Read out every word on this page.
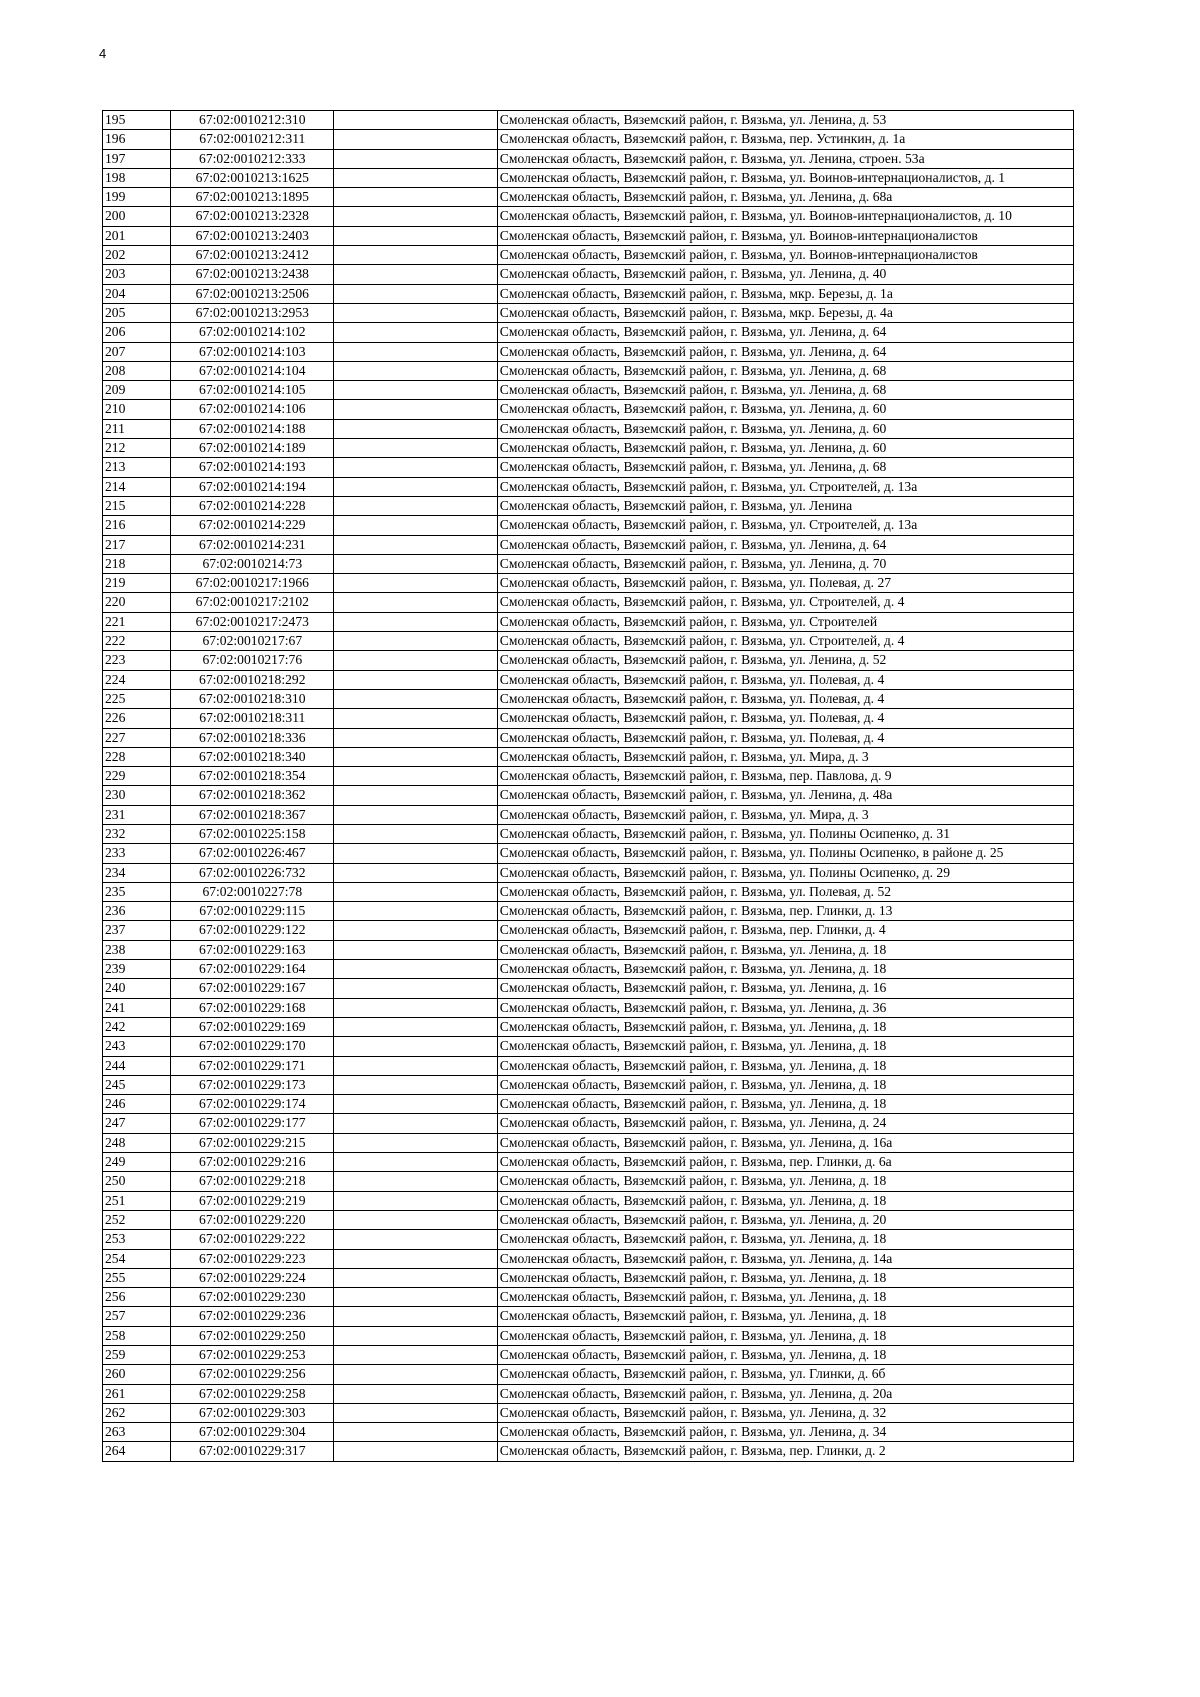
4
195	67:02:0010212:310		Смоленская область, Вяземский район, г. Вязьма, ул. Ленина, д. 53
196	67:02:0010212:311		Смоленская область, Вяземский район, г. Вязьма, пер. Устинкин, д. 1а
197	67:02:0010212:333		Смоленская область, Вяземский район, г. Вязьма, ул. Ленина, строен. 53а
198	67:02:0010213:1625		Смоленская область, Вяземский район, г. Вязьма, ул. Воинов-интернационалистов, д. 1
199	67:02:0010213:1895		Смоленская область, Вяземский район, г. Вязьма, ул. Ленина, д. 68а
200	67:02:0010213:2328		Смоленская область, Вяземский район, г. Вязьма, ул. Воинов-интернационалистов, д. 10
201	67:02:0010213:2403		Смоленская область, Вяземский район, г. Вязьма, ул. Воинов-интернационалистов
202	67:02:0010213:2412		Смоленская область, Вяземский район, г. Вязьма, ул. Воинов-интернационалистов
203	67:02:0010213:2438		Смоленская область, Вяземский район, г. Вязьма, ул. Ленина, д. 40
204	67:02:0010213:2506		Смоленская область, Вяземский район, г. Вязьма, мкр. Березы, д. 1а
205	67:02:0010213:2953		Смоленская область, Вяземский район, г. Вязьма, мкр. Березы, д. 4а
206	67:02:0010214:102		Смоленская область, Вяземский район, г. Вязьма, ул. Ленина, д. 64
207	67:02:0010214:103		Смоленская область, Вяземский район, г. Вязьма, ул. Ленина, д. 64
208	67:02:0010214:104		Смоленская область, Вяземский район, г. Вязьма, ул. Ленина, д. 68
209	67:02:0010214:105		Смоленская область, Вяземский район, г. Вязьма, ул. Ленина, д. 68
210	67:02:0010214:106		Смоленская область, Вяземский район, г. Вязьма, ул. Ленина, д. 60
211	67:02:0010214:188		Смоленская область, Вяземский район, г. Вязьма, ул. Ленина, д. 60
212	67:02:0010214:189		Смоленская область, Вяземский район, г. Вязьма, ул. Ленина, д. 60
213	67:02:0010214:193		Смоленская область, Вяземский район, г. Вязьма, ул. Ленина, д. 68
214	67:02:0010214:194		Смоленская область, Вяземский район, г. Вязьма, ул. Строителей, д. 13а
215	67:02:0010214:228		Смоленская область, Вяземский район, г. Вязьма, ул. Ленина
216	67:02:0010214:229		Смоленская область, Вяземский район, г. Вязьма, ул. Строителей, д. 13а
217	67:02:0010214:231		Смоленская область, Вяземский район, г. Вязьма, ул. Ленина, д. 64
218	67:02:0010214:73		Смоленская область, Вяземский район, г. Вязьма, ул. Ленина, д. 70
219	67:02:0010217:1966		Смоленская область, Вяземский район, г. Вязьма, ул. Полевая, д. 27
220	67:02:0010217:2102		Смоленская область, Вяземский район, г. Вязьма, ул. Строителей, д. 4
221	67:02:0010217:2473		Смоленская область, Вяземский район, г. Вязьма, ул. Строителей
222	67:02:0010217:67		Смоленская область, Вяземский район, г. Вязьма, ул. Строителей, д. 4
223	67:02:0010217:76		Смоленская область, Вяземский район, г. Вязьма, ул. Ленина, д. 52
224	67:02:0010218:292		Смоленская область, Вяземский район, г. Вязьма, ул. Полевая, д. 4
225	67:02:0010218:310		Смоленская область, Вяземский район, г. Вязьма, ул. Полевая, д. 4
226	67:02:0010218:311		Смоленская область, Вяземский район, г. Вязьма, ул. Полевая, д. 4
227	67:02:0010218:336		Смоленская область, Вяземский район, г. Вязьма, ул. Полевая, д. 4
228	67:02:0010218:340		Смоленская область, Вяземский район, г. Вязьма, ул. Мира, д. 3
229	67:02:0010218:354		Смоленская область, Вяземский район, г. Вязьма, пер. Павлова, д. 9
230	67:02:0010218:362		Смоленская область, Вяземский район, г. Вязьма, ул. Ленина, д. 48а
231	67:02:0010218:367		Смоленская область, Вяземский район, г. Вязьма, ул. Мира, д. 3
232	67:02:0010225:158		Смоленская область, Вяземский район, г. Вязьма, ул. Полины Осипенко, д. 31
233	67:02:0010226:467		Смоленская область, Вяземский район, г. Вязьма, ул. Полины Осипенко, в районе д. 25
234	67:02:0010226:732		Смоленская область, Вяземский район, г. Вязьма, ул. Полины Осипенко, д. 29
235	67:02:0010227:78		Смоленская область, Вяземский район, г. Вязьма, ул. Полевая, д. 52
236	67:02:0010229:115		Смоленская область, Вяземский район, г. Вязьма, пер. Глинки, д. 13
237	67:02:0010229:122		Смоленская область, Вяземский район, г. Вязьма, пер. Глинки, д. 4
238	67:02:0010229:163		Смоленская область, Вяземский район, г. Вязьма, ул. Ленина, д. 18
239	67:02:0010229:164		Смоленская область, Вяземский район, г. Вязьма, ул. Ленина, д. 18
240	67:02:0010229:167		Смоленская область, Вяземский район, г. Вязьма, ул. Ленина, д. 16
241	67:02:0010229:168		Смоленская область, Вяземский район, г. Вязьма, ул. Ленина, д. 36
242	67:02:0010229:169		Смоленская область, Вяземский район, г. Вязьма, ул. Ленина, д. 18
243	67:02:0010229:170		Смоленская область, Вяземский район, г. Вязьма, ул. Ленина, д. 18
244	67:02:0010229:171		Смоленская область, Вяземский район, г. Вязьма, ул. Ленина, д. 18
245	67:02:0010229:173		Смоленская область, Вяземский район, г. Вязьма, ул. Ленина, д. 18
246	67:02:0010229:174		Смоленская область, Вяземский район, г. Вязьма, ул. Ленина, д. 18
247	67:02:0010229:177		Смоленская область, Вяземский район, г. Вязьма, ул. Ленина, д. 24
248	67:02:0010229:215		Смоленская область, Вяземский район, г. Вязьма, ул. Ленина, д. 16а
249	67:02:0010229:216		Смоленская область, Вяземский район, г. Вязьма, пер. Глинки, д. 6а
250	67:02:0010229:218		Смоленская область, Вяземский район, г. Вязьма, ул. Ленина, д. 18
251	67:02:0010229:219		Смоленская область, Вяземский район, г. Вязьма, ул. Ленина, д. 18
252	67:02:0010229:220		Смоленская область, Вяземский район, г. Вязьма, ул. Ленина, д. 20
253	67:02:0010229:222		Смоленская область, Вяземский район, г. Вязьма, ул. Ленина, д. 18
254	67:02:0010229:223		Смоленская область, Вяземский район, г. Вязьма, ул. Ленина, д. 14а
255	67:02:0010229:224		Смоленская область, Вяземский район, г. Вязьма, ул. Ленина, д. 18
256	67:02:0010229:230		Смоленская область, Вяземский район, г. Вязьма, ул. Ленина, д. 18
257	67:02:0010229:236		Смоленская область, Вяземский район, г. Вязьма, ул. Ленина, д. 18
258	67:02:0010229:250		Смоленская область, Вяземский район, г. Вязьма, ул. Ленина, д. 18
259	67:02:0010229:253		Смоленская область, Вяземский район, г. Вязьма, ул. Ленина, д. 18
260	67:02:0010229:256		Смоленская область, Вяземский район, г. Вязьма, ул. Глинки, д. 6б
261	67:02:0010229:258		Смоленская область, Вяземский район, г. Вязьма, ул. Ленина, д. 20а
262	67:02:0010229:303		Смоленская область, Вяземский район, г. Вязьма, ул. Ленина, д. 32
263	67:02:0010229:304		Смоленская область, Вяземский район, г. Вязьма, ул. Ленина, д. 34
264	67:02:0010229:317		Смоленская область, Вяземский район, г. Вязьма, пер. Глинки, д. 2
